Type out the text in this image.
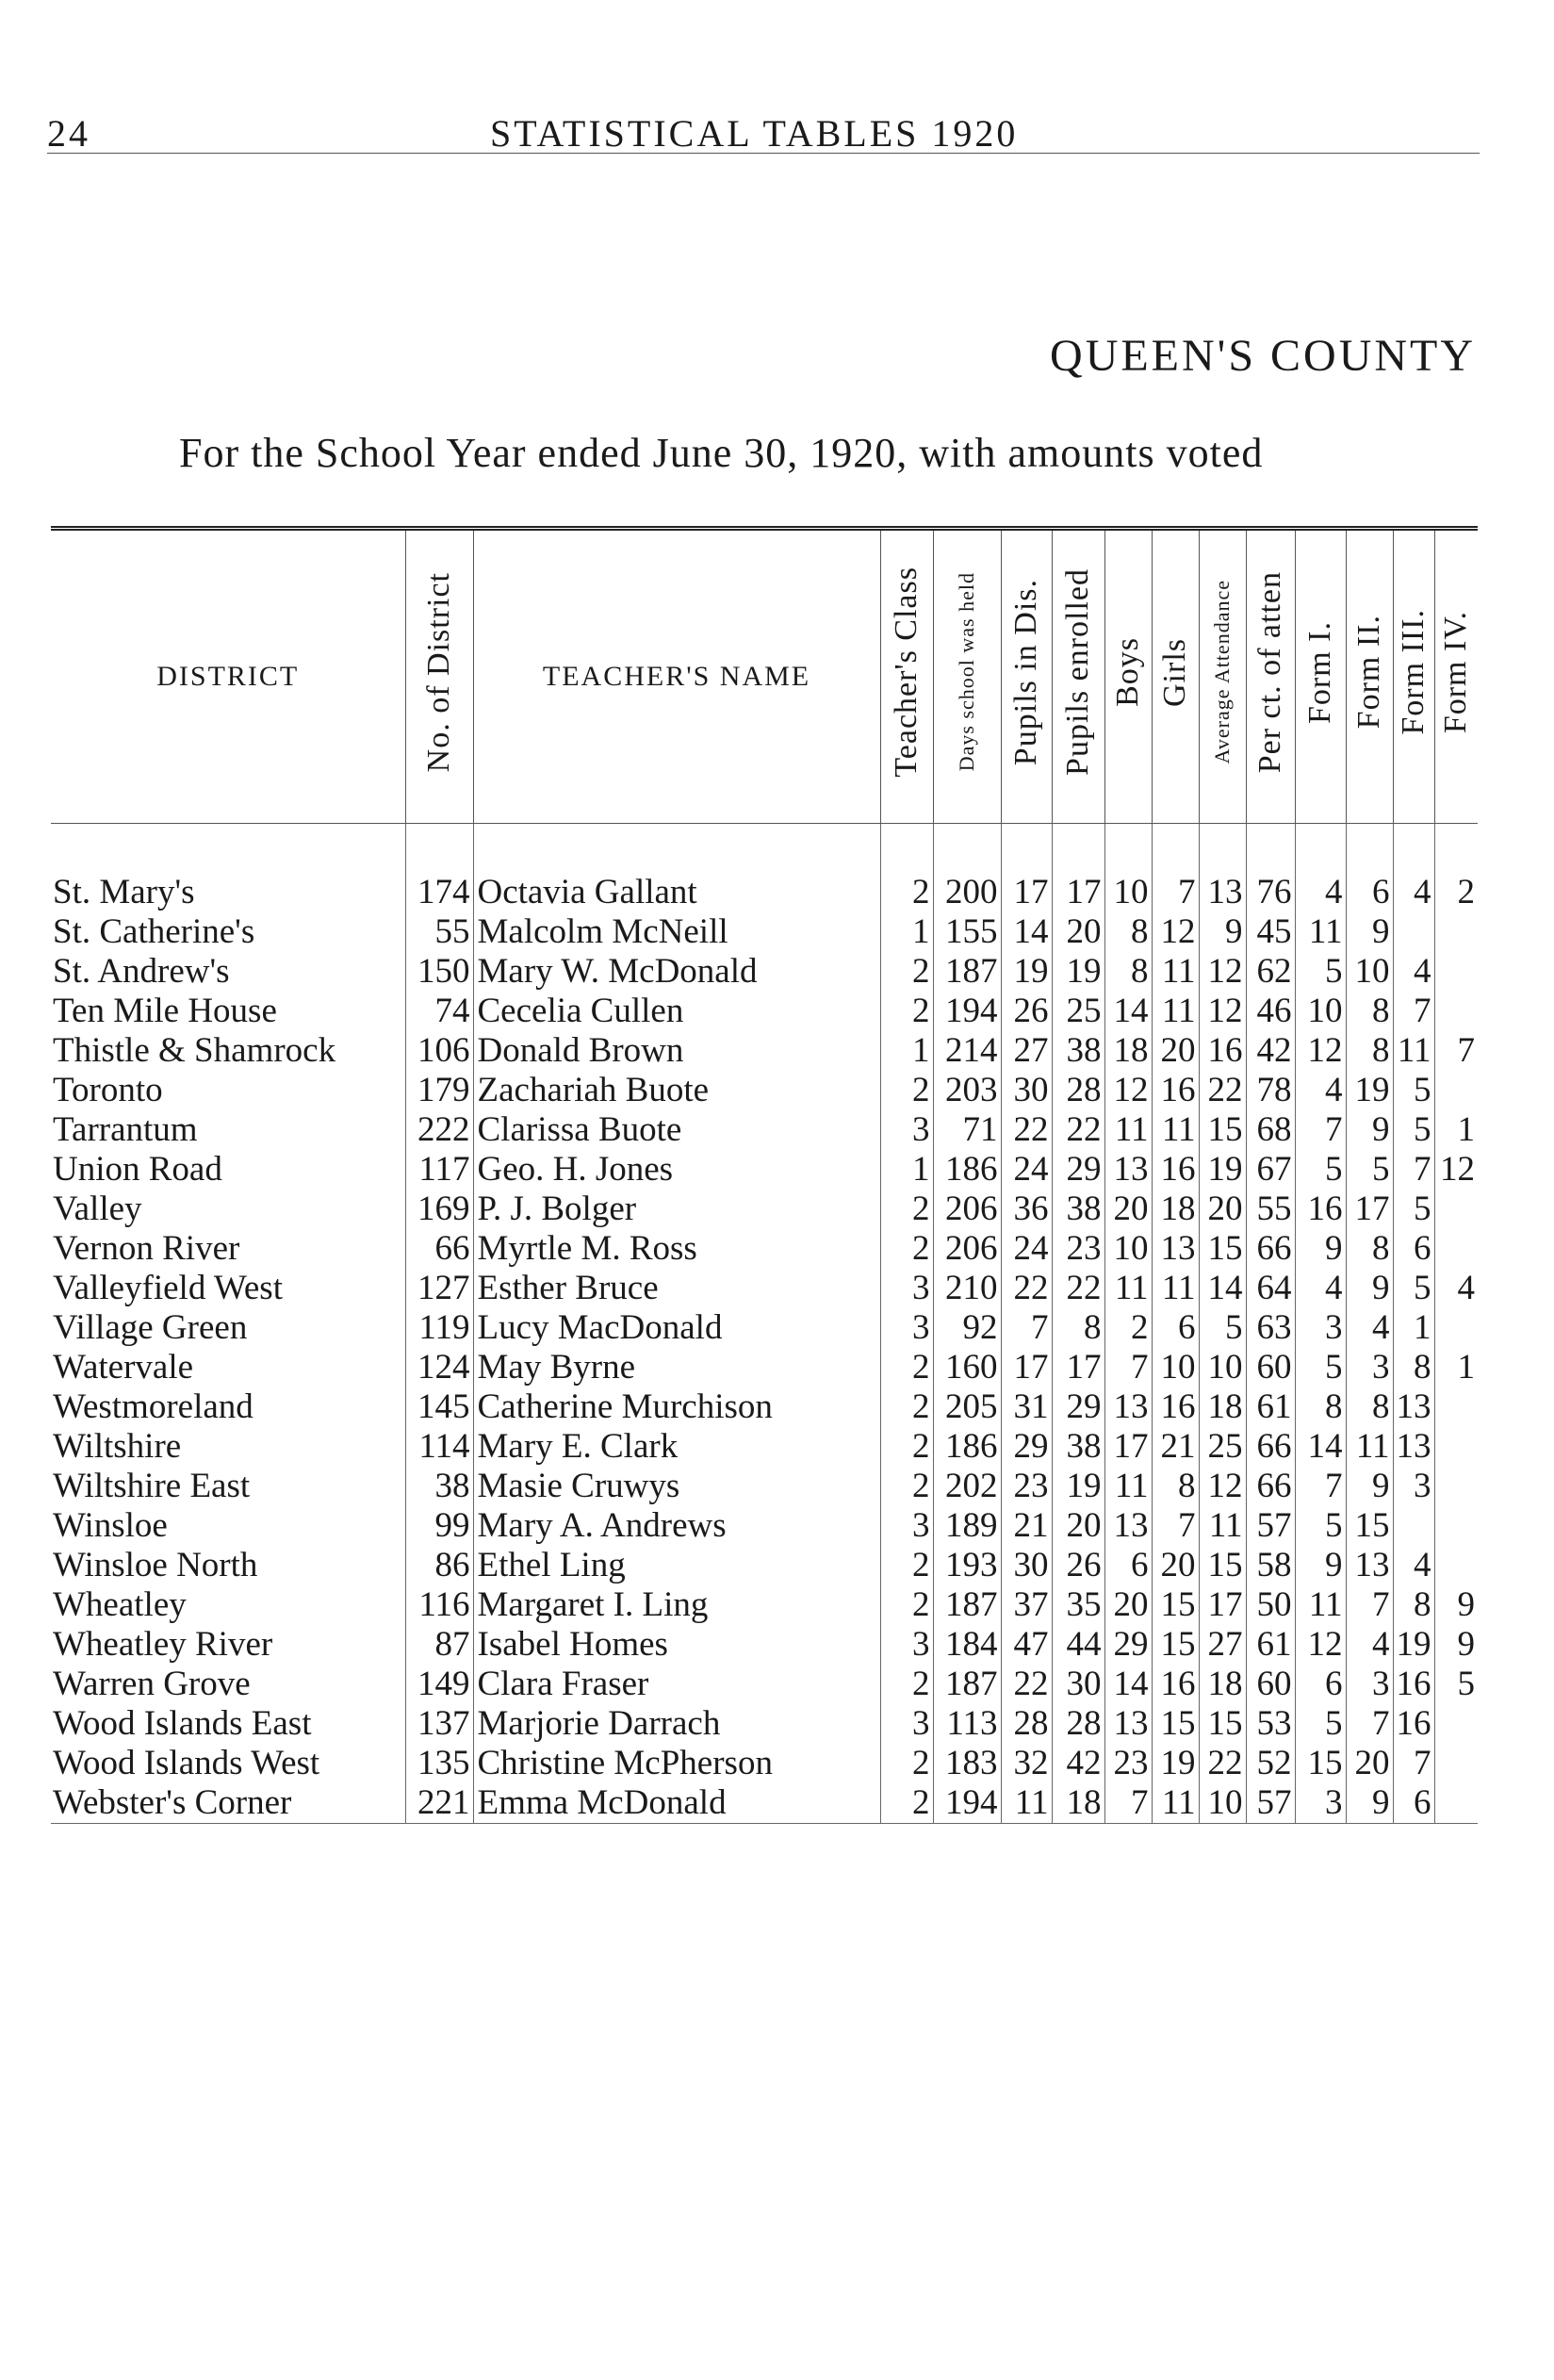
24	STATISTICAL TABLES 1920
QUEEN'S COUNTY
For the School Year ended June 30, 1920, with amounts voted
DISTRICT	No. of District	TEACHER'S NAME	Teacher's Class	Days school was held	Pupils in Dis.	Pupils enrolled	Boys	Girls	Average Attendance	Per ct. of atten	Form I.	Form II.	Form III.	Form IV.

St. Mary's	174	Octavia Gallant	2	200	17	17	10	7	13	76	4	6	4	2
St. Catherine's	55	Malcolm McNeill	1	155	14	20	8	12	9	45	11	9		
St. Andrew's	150	Mary W. McDonald	2	187	19	19	8	11	12	62	5	10	4	
Ten Mile House	74	Cecelia Cullen	2	194	26	25	14	11	12	46	10	8	7	
Thistle & Shamrock	106	Donald Brown	1	214	27	38	18	20	16	42	12	8	11	7
Toronto	179	Zachariah Buote	2	203	30	28	12	16	22	78	4	19	5	
Tarrantum	222	Clarissa Buote	3	71	22	22	11	11	15	68	7	9	5	1
Union Road	117	Geo. H. Jones	1	186	24	29	13	16	19	67	5	5	7	12
Valley	169	P. J. Bolger	2	206	36	38	20	18	20	55	16	17	5	
Vernon River	66	Myrtle M. Ross	2	206	24	23	10	13	15	66	9	8	6	
Valleyfield West	127	Esther Bruce	3	210	22	22	11	11	14	64	4	9	5	4
Village Green	119	Lucy MacDonald	3	92	7	8	2	6	5	63	3	4	1	
Watervale	124	May Byrne	2	160	17	17	7	10	10	60	5	3	8	1
Westmoreland	145	Catherine Murchison	2	205	31	29	13	16	18	61	8	8	13	
Wiltshire	114	Mary E. Clark	2	186	29	38	17	21	25	66	14	11	13	
Wiltshire East	38	Masie Cruwys	2	202	23	19	11	8	12	66	7	9	3	
Winsloe	99	Mary A. Andrews	3	189	21	20	13	7	11	57	5	15		
Winsloe North	86	Ethel Ling	2	193	30	26	6	20	15	58	9	13	4	
Wheatley	116	Margaret I. Ling	2	187	37	35	20	15	17	50	11	7	8	9
Wheatley River	87	Isabel Homes	3	184	47	44	29	15	27	61	12	4	19	9
Warren Grove	149	Clara Fraser	2	187	22	30	14	16	18	60	6	3	16	5
Wood Islands East	137	Marjorie Darrach	3	113	28	28	13	15	15	53	5	7	16	
Wood Islands West	135	Christine McPherson	2	183	32	42	23	19	22	52	15	20	7	
Webster's Corner	221	Emma McDonald	2	194	11	18	7	11	10	57	3	9	6	
